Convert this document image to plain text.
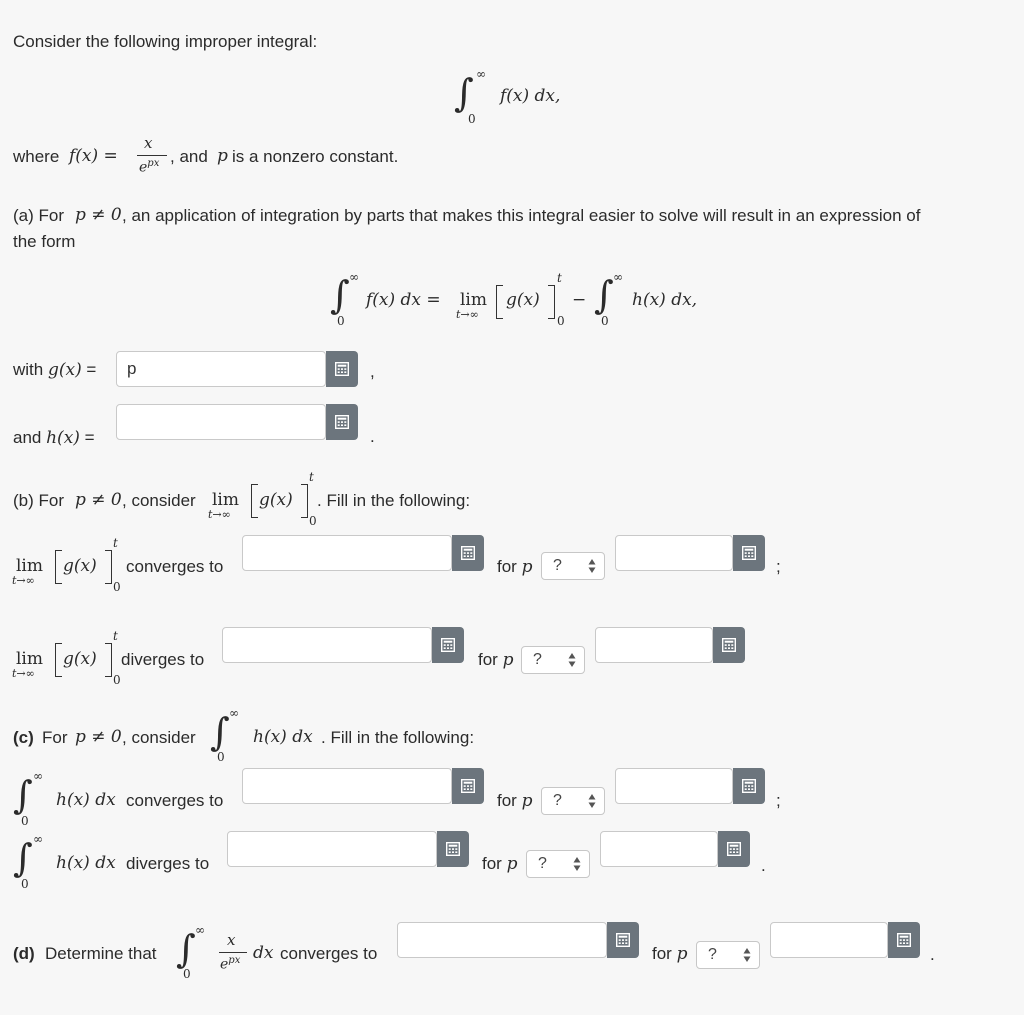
Consider the following improper integral:
∫ ∞
0
f(x) dx,
where f(x) =
x
$e^{px}$ , and p is a nonzero constant.
(a) For p ≠ 0 , an application of integration by parts that makes this integral easier to solve will result in an expression of
the form
∫ ∞
0
f(x) dx = lim
t→∞
g(x)
t
0
− ∫ ∞
0
h(x) dx,
with g(x) =	p	,
and h(x) =	.
(b) For p ≠ 0 , consider lim
t→∞
g(x)
t
0
. Fill in the following:
lim
t→∞
g(x)
t
0
converges to	for p	?	;
lim
t→∞
g(x)
t
0
diverges to	for p	?
(c) For p ≠ 0 , consider ∫ ∞
0
h(x) dx . Fill in the following:
∫ ∞
0
h(x) dx converges to	for p	?	;
∫ ∞
0
h(x) dx diverges to	for p	?	.
(d) Determine that ∫ ∞
0
x
$e^{px}$ dx converges to	for p	?	.
